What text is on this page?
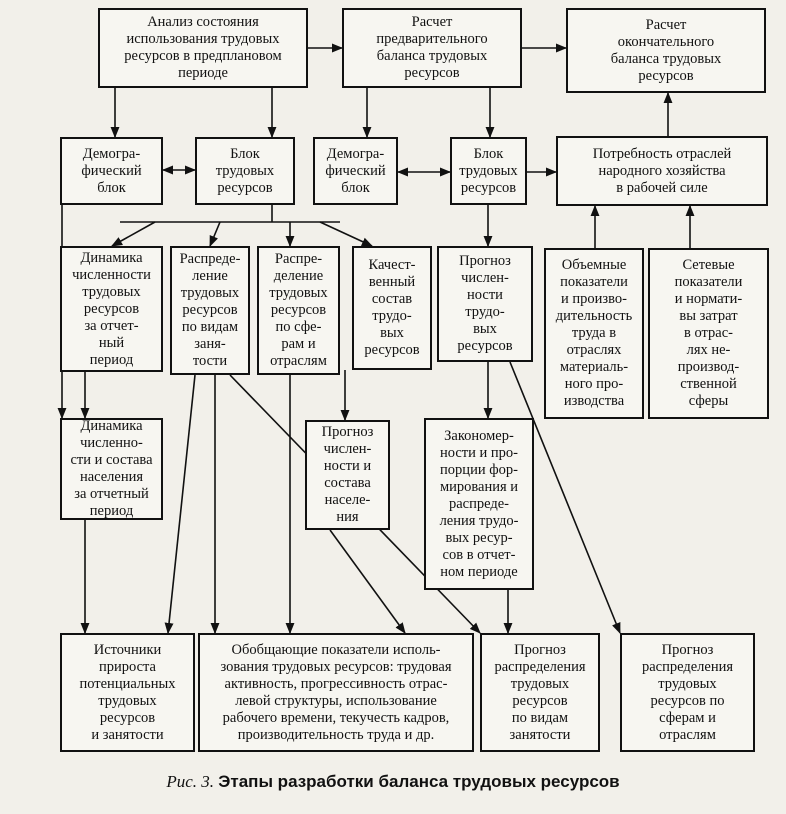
Анализ состояния
использования трудовых
ресурсов в предплановом
периоде
Расчет
предварительного
баланса трудовых
ресурсов
Расчет
окончательного
баланса трудовых
ресурсов
Демогра-
фический
блок
Блок
трудовых
ресурсов
Демогра-
фический
блок
Блок
трудовых
ресурсов
Потребность отраслей
народного хозяйства
в рабочей силе
Динамика
численности
трудовых
ресурсов
за отчет-
ный
период
Распреде-
ление
трудовых
ресурсов
по видам
заня-
тости
Распре-
деление
трудовых
ресурсов
по сфе-
рам и
отраслям
Качест-
венный
состав
трудо-
вых
ресурсов
Прогноз
числен-
ности
трудо-
вых
ресурсов
Объемные
показатели
и произво-
дительность
труда в
отраслях
материаль-
ного про-
изводства
Сетевые
показатели
и нормати-
вы затрат
в отрас-
лях не-
производ-
ственной
сферы
Динамика
численно-
сти и состава
населения
за отчетный
период
Прогноз
числен-
ности и
состава
населе-
ния
Закономер-
ности и про-
порции фор-
мирования и
распреде-
ления трудо-
вых ресур-
сов в отчет-
ном периоде
Источники
прироста
потенциальных
трудовых
ресурсов
и занятости
Обобщающие показатели исполь-
зования трудовых ресурсов: трудовая
активность, прогрессивность отрас-
левой структуры, использование
рабочего времени, текучесть кадров,
производительность труда и др.
Прогноз
распределения
трудовых
ресурсов
по видам
занятости
Прогноз
распределения
трудовых
ресурсов по
сферам и
отраслям
Рис. 3. Этапы разработки баланса трудовых ресурсов
